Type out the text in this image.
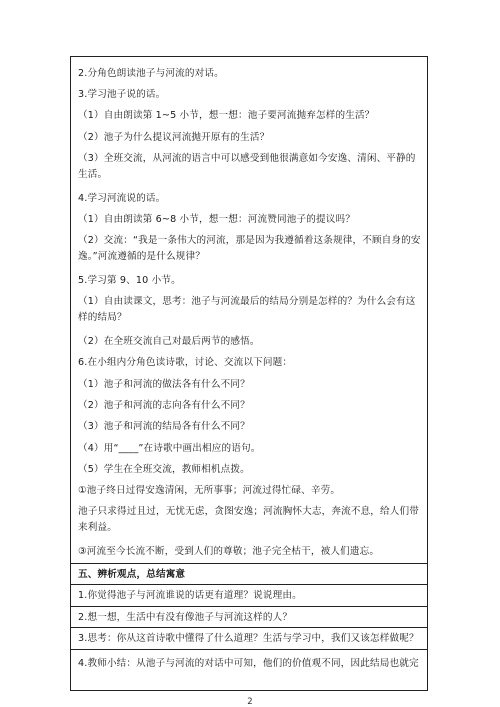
2.分角色朗读池子与河流的对话。
3.学习池子说的话。
（1）自由朗读第 1~5 小节，想一想：池子要河流抛弃怎样的生活？
（2）池子为什么提议河流抛开原有的生活？
（3）全班交流，从河流的语言中可以感受到他很满意如今安逸、清闲、平静的生活。
4.学习河流说的话。
（1）自由朗读第 6~8 小节，想一想：河流赞同池子的提议吗？
（2）交流：“我是一条伟大的河流，那是因为我遵循着这条规律，不顾自身的安逸。”河流遵循的是什么规律？
5.学习第 9、10 小节。
（1）自由读课文，思考：池子与河流最后的结局分别是怎样的？为什么会有这样的结局？
（2）在全班交流自己对最后两节的感悟。
6.在小组内分角色读诗歌，讨论、交流以下问题：
（1）池子和河流的做法各有什么不同？
（2）池子和河流的志向各有什么不同？
（3）池子和河流的结局各有什么不同？
（4）用“____”在诗歌中画出相应的语句。
（5）学生在全班交流，教师相机点拨。
①池子终日过得安逸清闲，无所事事；河流过得忙碌、辛劳。
池子只求得过且过，无忧无虑，贪图安逸；河流胸怀大志，奔流不息，给人们带来利益。
③河流至今长流不断，受到人们的尊敬；池子完全枯干，被人们遗忘。
五、辨析观点，总结寓意
1.你觉得池子与河流谁说的话更有道理？说说理由。
2.想一想，生活中有没有像池子与河流这样的人？
3.思考：你从这首诗歌中懂得了什么道理？生活与学习中，我们又该怎样做呢？
4.教师小结：从池子与河流的对话中可知，他们的价值观不同，因此结局也就完
2
